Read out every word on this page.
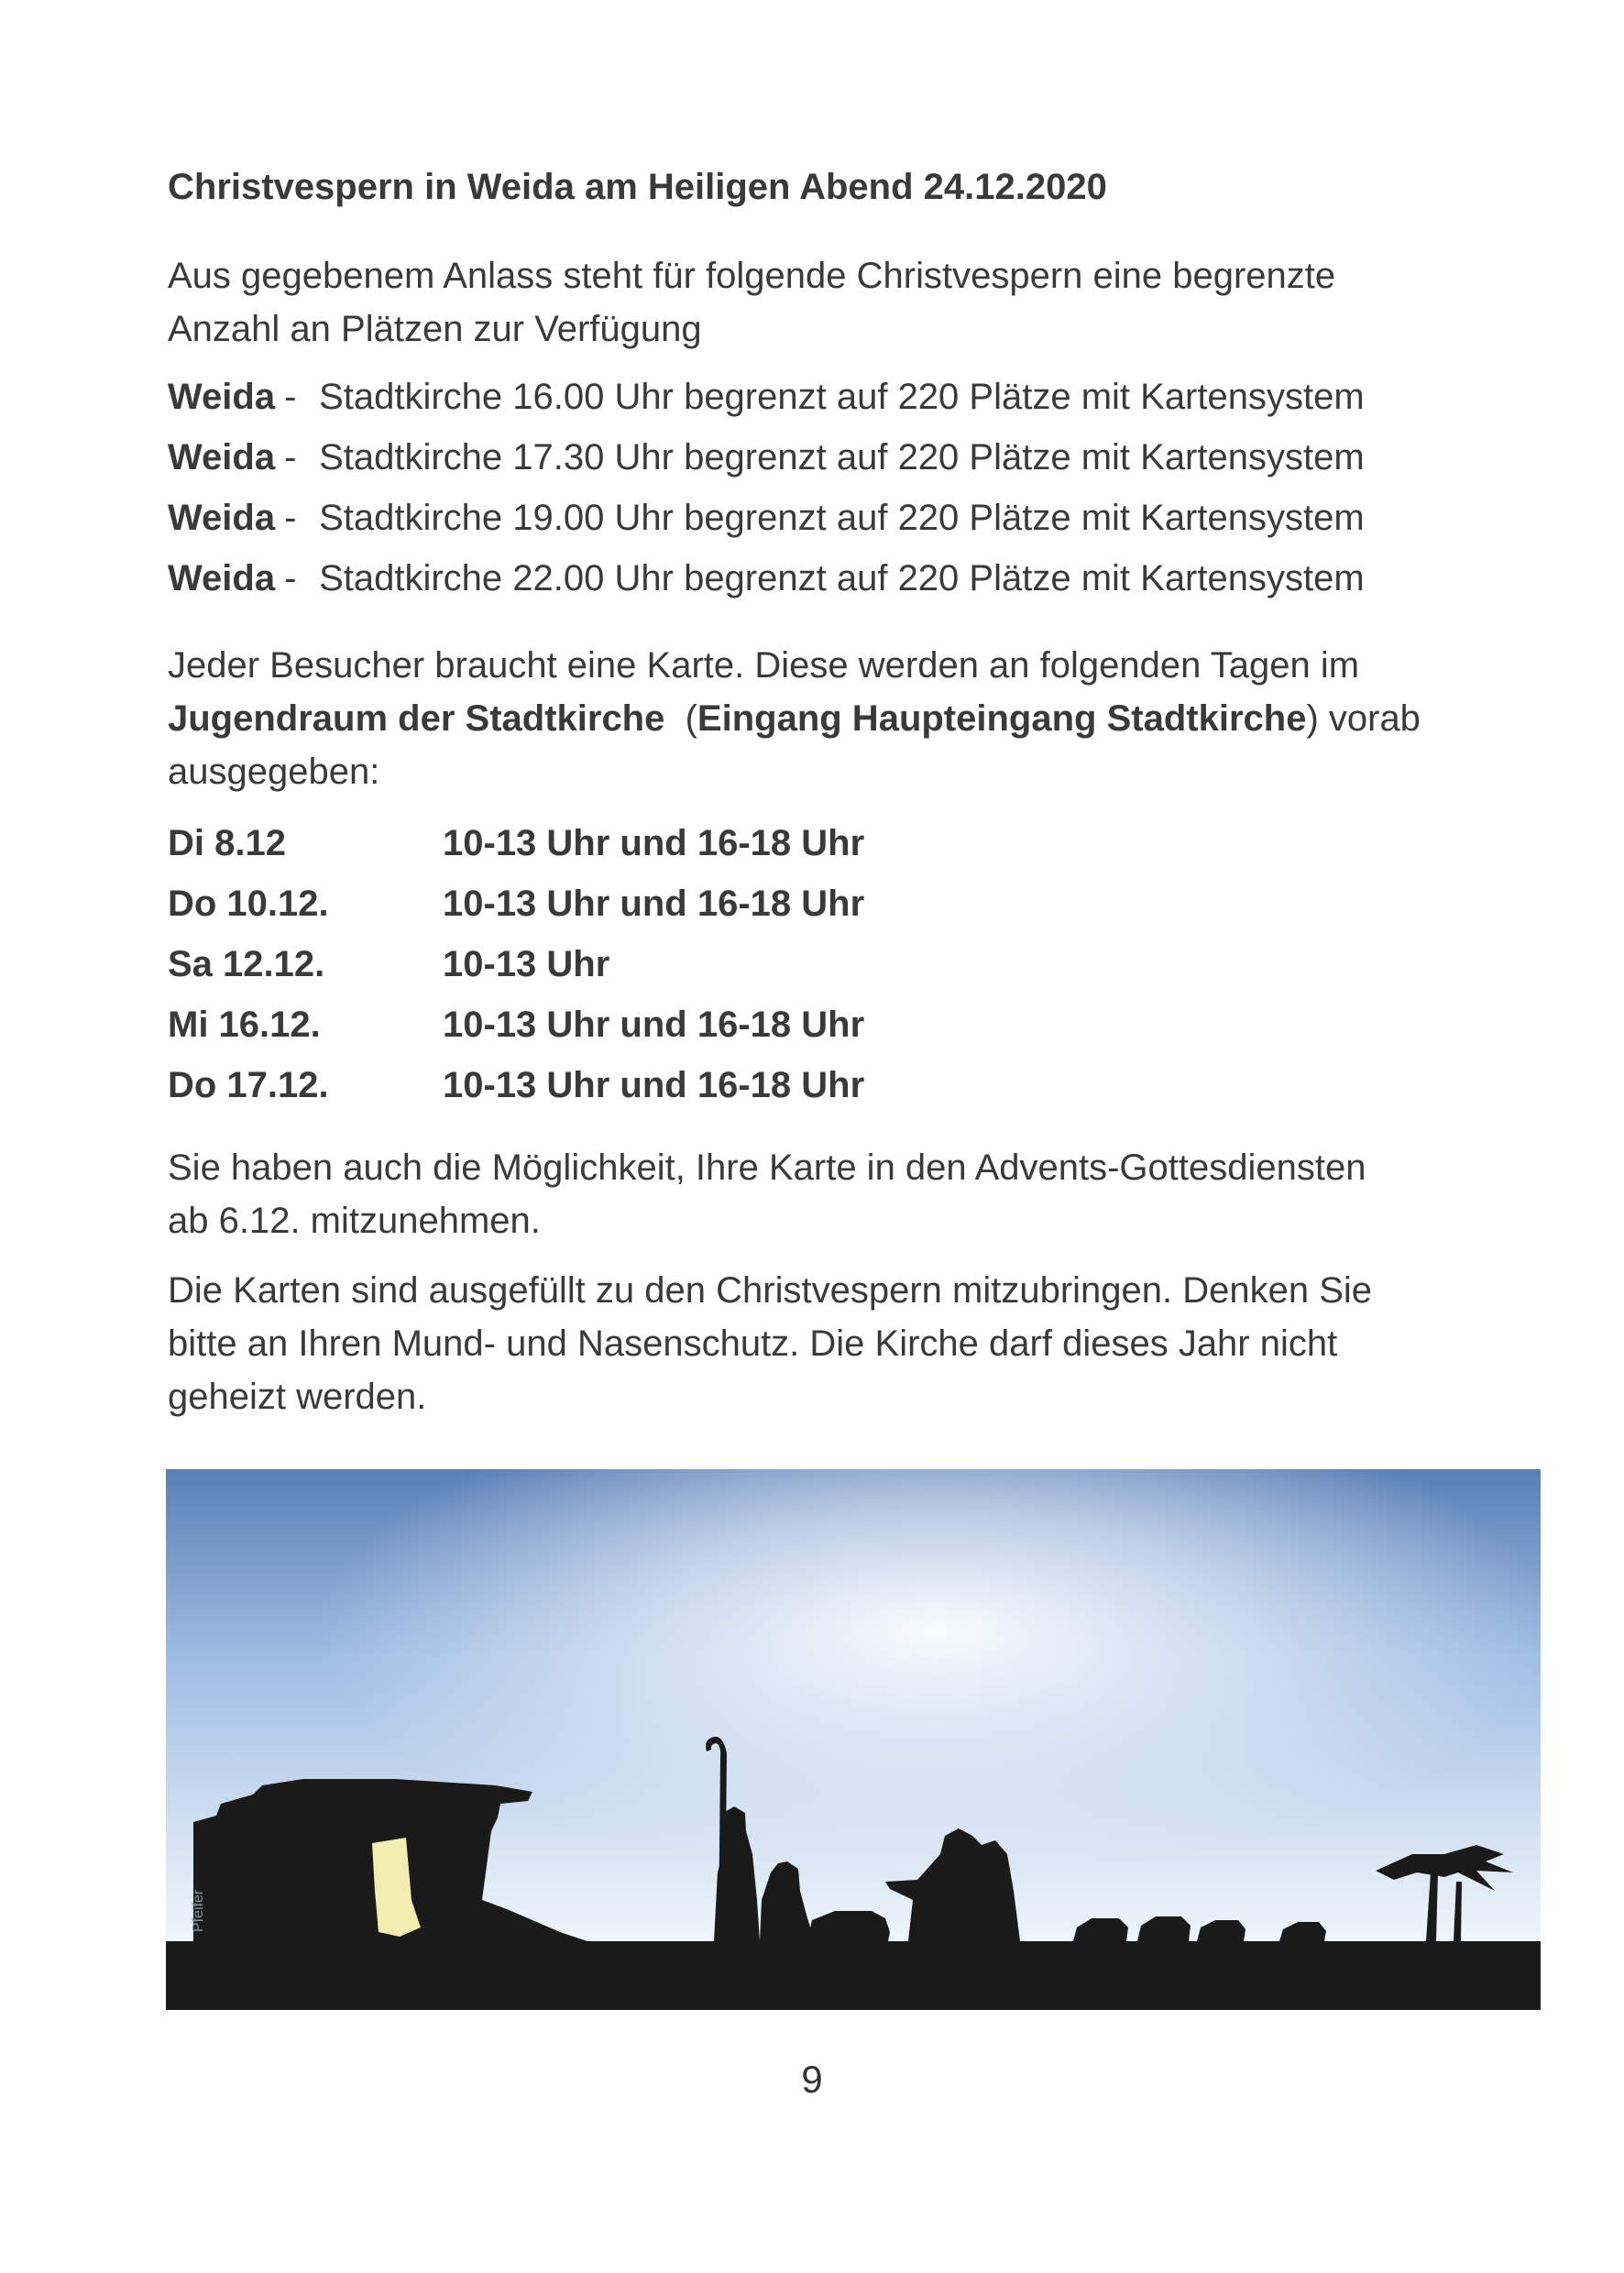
Christvespern in Weida am Heiligen Abend 24.12.2020
Aus gegebenem Anlass steht für folgende Christvespern eine begrenzte
Anzahl an Plätzen zur Verfügung
Weida - Stadtkirche 16.00 Uhr begrenzt auf 220 Plätze mit Kartensystem
Weida - Stadtkirche 17.30 Uhr begrenzt auf 220 Plätze mit Kartensystem
Weida - Stadtkirche 19.00 Uhr begrenzt auf 220 Plätze mit Kartensystem
Weida - Stadtkirche 22.00 Uhr begrenzt auf 220 Plätze mit Kartensystem
Jeder Besucher braucht eine Karte. Diese werden an folgenden Tagen im
Jugendraum der Stadtkirche  (Eingang Haupteingang Stadtkirche) vorab
ausgegeben:
Di 8.12	10-13 Uhr und 16-18 Uhr
Do 10.12.	10-13 Uhr und 16-18 Uhr
Sa 12.12.	10-13 Uhr
Mi 16.12.	10-13 Uhr und 16-18 Uhr
Do 17.12.	10-13 Uhr und 16-18 Uhr
Sie haben auch die Möglichkeit, Ihre Karte in den Advents-Gottesdiensten
ab 6.12. mitzunehmen.
Die Karten sind ausgefüllt zu den Christvespern mitzubringen. Denken Sie
bitte an Ihren Mund- und Nasenschutz. Die Kirche darf dieses Jahr nicht
geheizt werden.
Pfeifer
9
